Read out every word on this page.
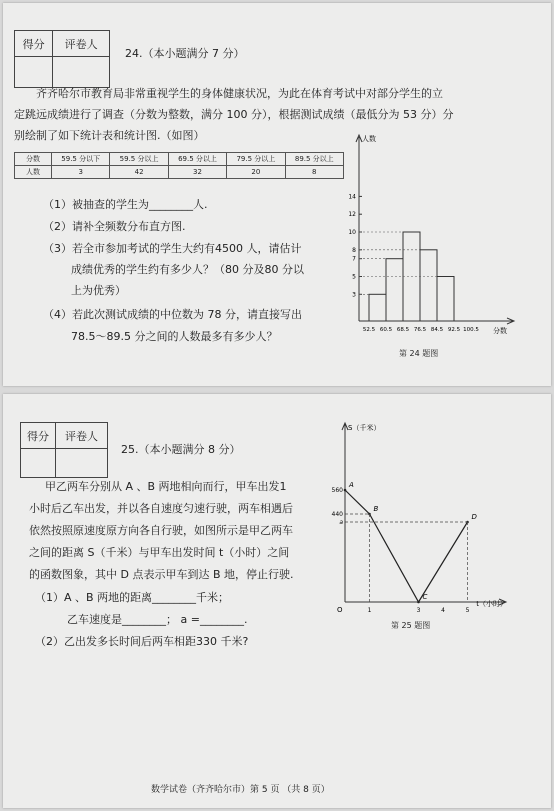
得分	评卷人

24.（本小题满分 7 分）
齐齐哈尔市教育局非常重视学生的身体健康状况，为此在体育考试中对部分学生的立
定跳远成绩进行了调查（分数为整数，满分 100 分），根据测试成绩（最低分为 53 分）分
别绘制了如下统计表和统计图.（如图）
分数	59.5 分以下	59.5 分以上	69.5 分以上	79.5 分以上	89.5 分以上
人数	3	42	32	20	8
（1）被抽查的学生为________人.
（2）请补全频数分布直方图.
（3）若全市参加考试的学生大约有4500 人，请估计
成绩优秀的学生约有多少人？（80 分及80 分以
上为优秀）
（4）若此次测试成绩的中位数为 78 分，请直接写出
78.5～89.5 分之间的人数最多有多少人？
人数
分数
3
5
7
8
10
12
14
52.5 60.5 68.5 76.5 84.5 92.5 100.5
第 24 题图
得分	评卷人

25.（本小题满分 8 分）
甲乙两车分别从 A 、B 两地相向而行，甲车出发1
小时后乙车出发，并以各自速度匀速行驶，两车相遇后
依然按照原速度原方向各自行驶，如图所示是甲乙两车
之间的距离 S（千米）与甲车出发时间 t（小时）之间
的函数图象，其中 D 点表示甲车到达 B 地，停止行驶.
（1）A 、B 两地的距离________千米；
乙车速度是________； a =________.
（2）乙出发多长时间后两车相距330 千米?
S（千米）
t（小时）
O
A
B
C
D
560
440
a
1	3	4	5
第 25 题图
数学试卷（齐齐哈尔市）第 5 页 （共 8 页）
